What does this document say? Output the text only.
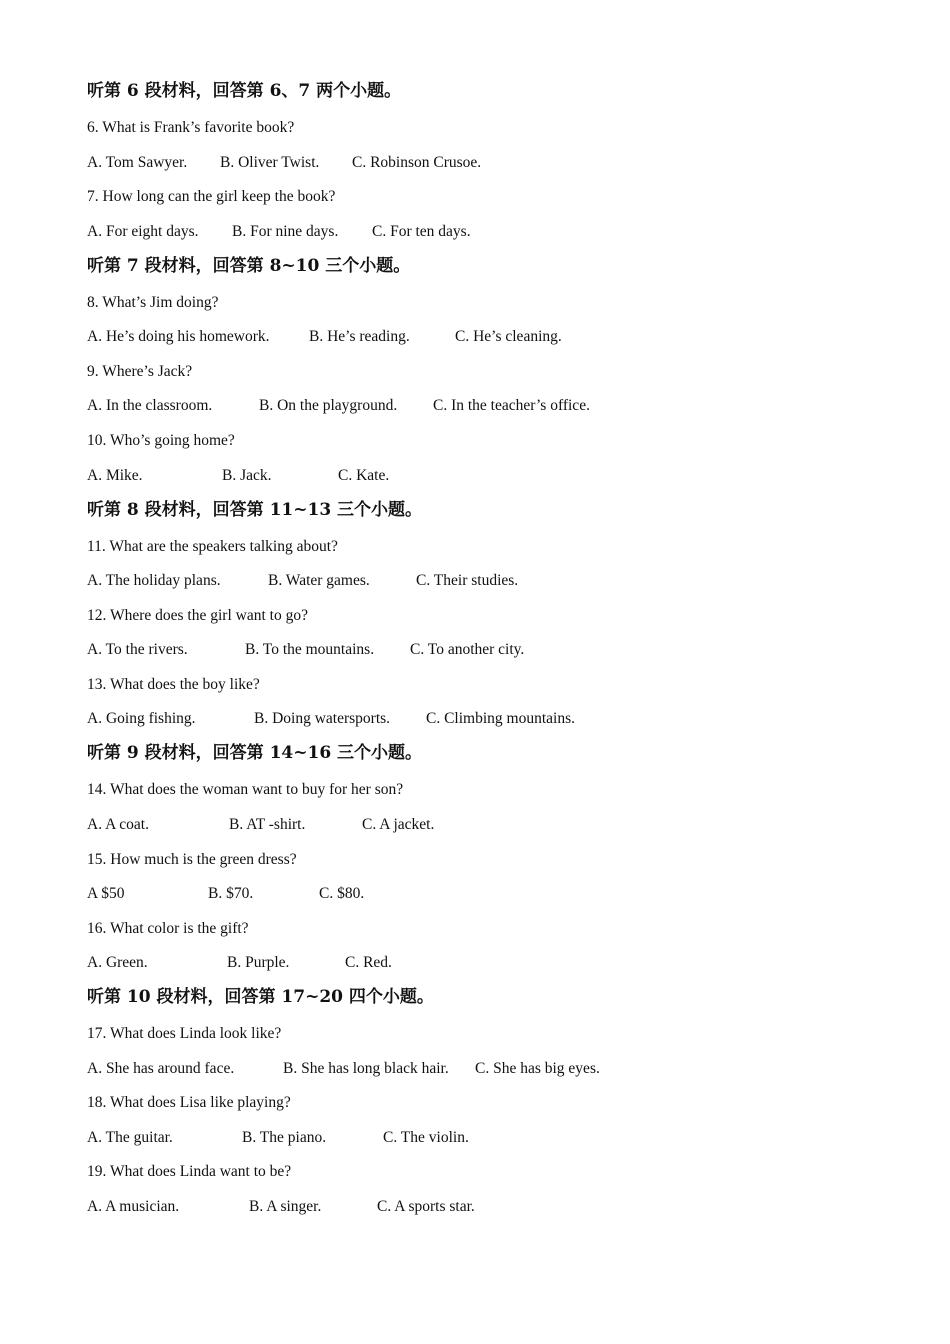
听第 6 段材料，回答第 6、7 两个小题。
6. What is Frank’s favorite book?
A. Tom Sawyer. B. Oliver Twist. C. Robinson Crusoe.
7. How long can the girl keep the book?
A. For eight days. B. For nine days. C. For ten days.
听第 7 段材料，回答第 8~10 三个小题。
8. What’s Jim doing?
A. He’s doing his homework.	B. He’s reading.	C. He’s cleaning.
9. Where’s Jack?
A. In the classroom.	B. On the playground. C. In the teacher’s office.
10. Who’s going home?
A. Mike.	B. Jack.	C. Kate.
听第 8 段材料，回答第 11~13 三个小题。
11. What are the speakers talking about?
A. The holiday plans.	B. Water games.	C. Their studies.
12. Where does the girl want to go?
A. To the rivers.	B. To the mountains. C. To another city.
13. What does the boy like?
A. Going fishing.	B. Doing watersports. C. Climbing mountains.
听第 9 段材料，回答第 14~16 三个小题。
14. What does the woman want to buy for her son?
A. A coat.	B. AT -shirt.	C. A jacket.
15. How much is the green dress?
A $50	B. $70.	C. $80.
16. What color is the gift?
A. Green.	B. Purple.	C. Red.
听第 10 段材料，回答第 17~20 四个小题。
17. What does Linda look like?
A. She has around face.	B. She has long black hair. C. She has big eyes.
18. What does Lisa like playing?
A. The guitar.	B. The piano.	C. The violin.
19. What does Linda want to be?
A. A musician.	B. A singer.	C. A sports star.
